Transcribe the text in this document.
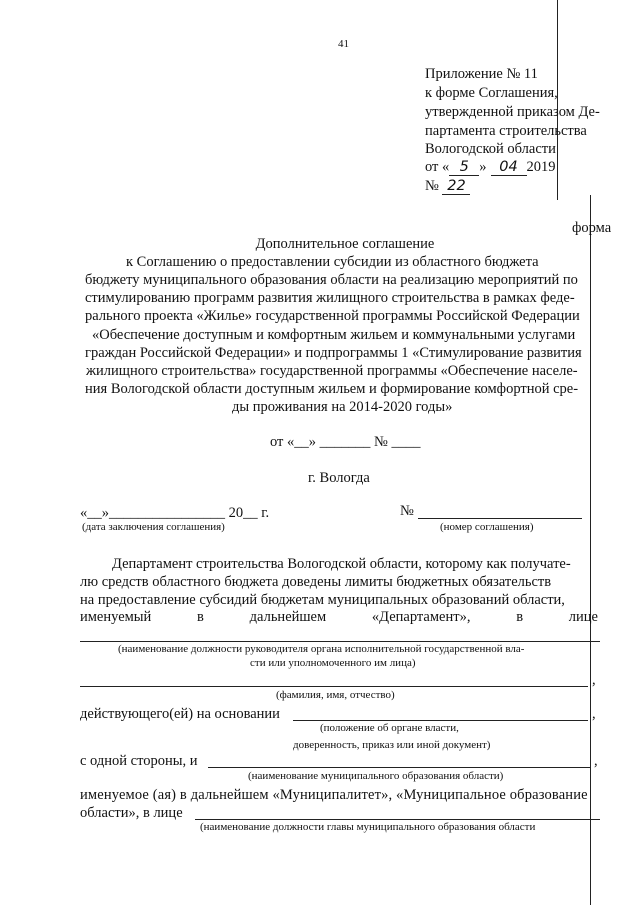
41
Приложение № 11
к форме Соглашения,
утвержденной приказом Де-
партамента строительства
Вологодской области
от « 5 » 04 2019
№ 22
форма
Дополнительное соглашение
к Соглашению о предоставлении субсидии из областного бюджета
бюджету муниципального образования области на реализацию мероприятий по
стимулированию программ развития жилищного строительства в рамках феде-
рального проекта «Жилье» государственной программы Российской Федерации
«Обеспечение доступным и комфортным жильем и коммунальными услугами
граждан Российской Федерации» и подпрограммы 1 «Стимулирование развития
жилищного строительства» государственной программы «Обеспечение населе-
ния Вологодской области доступным жильем и формирование комфортной сре-
ды проживания на 2014-2020 годы»
от «__» _______ № ____
г. Вологда
«__»________________ 20__ г.	№
(дата заключения соглашения)	(номер соглашения)
Департамент строительства Вологодской области, которому как получате-
лю средств областного бюджета доведены лимиты бюджетных обязательств
на предоставление субсидий бюджетам муниципальных образований области,
именуемый	в	дальнейшем	«Департамент»,	в	лице
(наименование должности руководителя органа исполнительной государственной вла-
сти или уполномоченного им лица)
,
(фамилия, имя, отчество)
действующего(ей) на основании	,
(положение об органе власти,
доверенность, приказ или иной документ)
с одной стороны, и	,
(наименование муниципального образования области)
именуемое (ая) в дальнейшем «Муниципалитет», «Муниципальное образование
области», в лице
(наименование должности главы муниципального образования области
